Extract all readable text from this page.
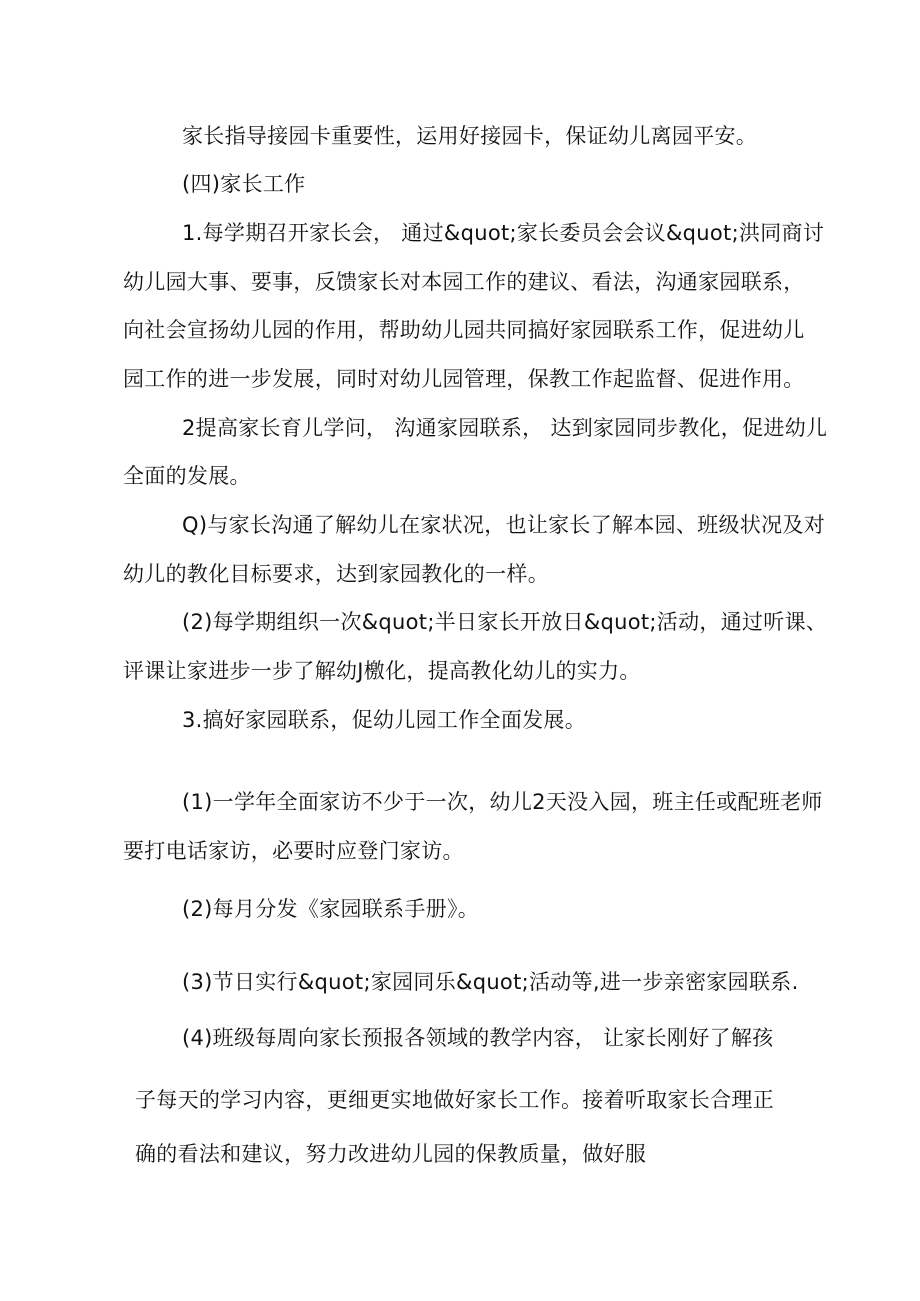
家长指导接园卡重要性，运用好接园卡，保证幼儿离园平安。
(四)家长工作
1.每学期召开家长会， 通过&quot;家长委员会会议&quot;洪同商讨
幼儿园大事、要事，反馈家长对本园工作的建议、看法，沟通家园联系，
向社会宣扬幼儿园的作用，帮助幼儿园共同搞好家园联系工作，促进幼儿
园工作的进一步发展，同时对幼儿园管理，保教工作起监督、促进作用。
2提高家长育儿学问， 沟通家园联系， 达到家园同步教化，促进幼儿
全面的发展。
Q)与家长沟通了解幼儿在家状况，也让家长了解本园、班级状况及对
幼儿的教化目标要求，达到家园教化的一样。
(2)每学期组织一次&quot;半日家长开放日&quot;活动，通过听课、
评课让家进步一步了解幼J檄化，提高教化幼儿的实力。
3.搞好家园联系，促幼儿园工作全面发展。
(1)一学年全面家访不少于一次，幼儿2天没入园，班主任或配班老师
要打电话家访，必要时应登门家访。
(2)每月分发《家园联系手册》。
(3)节日实行&quot;家园同乐&quot;活动等,进一步亲密家园联系.
(4)班级每周向家长预报各领域的教学内容， 让家长刚好了解孩
子每天的学习内容，更细更实地做好家长工作。接着听取家长合理正
确的看法和建议，努力改进幼儿园的保教质量，做好服
